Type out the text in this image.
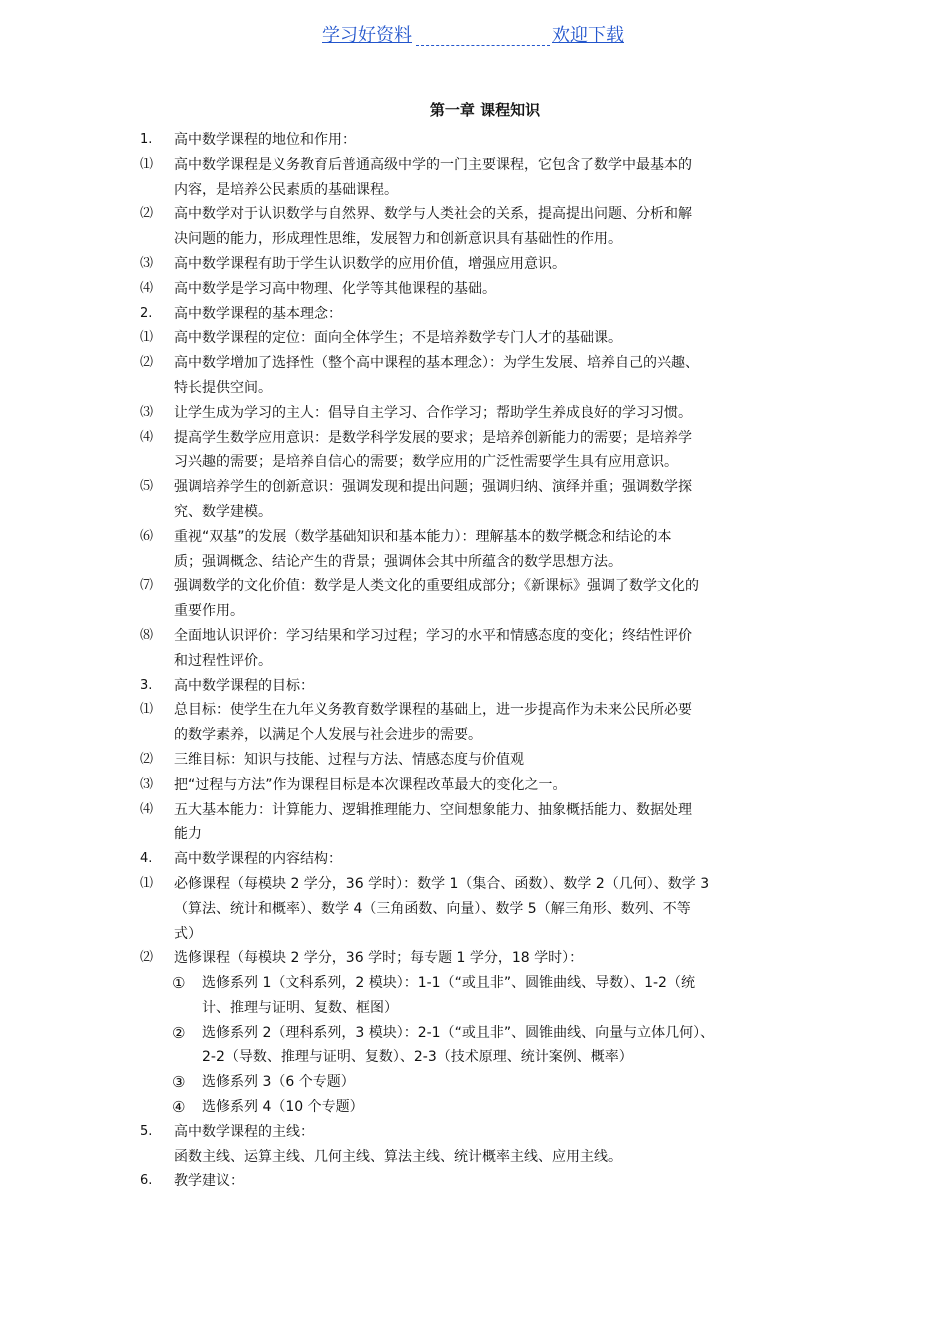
学习好资料	欢迎下载
第一章 课程知识
1.	高中数学课程的地位和作用：
⑴	高中数学课程是义务教育后普通高级中学的一门主要课程，它包含了数学中最基本的
内容，是培养公民素质的基础课程。
⑵	高中数学对于认识数学与自然界、数学与人类社会的关系，提高提出问题、分析和解
决问题的能力，形成理性思维，发展智力和创新意识具有基础性的作用。
⑶	高中数学课程有助于学生认识数学的应用价值，增强应用意识。
⑷	高中数学是学习高中物理、化学等其他课程的基础。
2.	高中数学课程的基本理念：
⑴	高中数学课程的定位：面向全体学生；不是培养数学专门人才的基础课。
⑵	高中数学增加了选择性（整个高中课程的基本理念）：为学生发展、培养自己的兴趣、
特长提供空间。
⑶	让学生成为学习的主人：倡导自主学习、合作学习；帮助学生养成良好的学习习惯。
⑷	提高学生数学应用意识：是数学科学发展的要求；是培养创新能力的需要；是培养学
习兴趣的需要；是培养自信心的需要；数学应用的广泛性需要学生具有应用意识。
⑸	强调培养学生的创新意识：强调发现和提出问题；强调归纳、演绎并重；强调数学探
究、数学建模。
⑹	重视“双基”的发展（数学基础知识和基本能力）：理解基本的数学概念和结论的本
质；强调概念、结论产生的背景；强调体会其中所蕴含的数学思想方法。
⑺	强调数学的文化价值：数学是人类文化的重要组成部分；《新课标》强调了数学文化的
重要作用。
⑻	全面地认识评价：学习结果和学习过程；学习的水平和情感态度的变化；终结性评价
和过程性评价。
3.	高中数学课程的目标：
⑴	总目标：使学生在九年义务教育数学课程的基础上，进一步提高作为未来公民所必要
的数学素养，以满足个人发展与社会进步的需要。
⑵	三维目标：知识与技能、过程与方法、情感态度与价值观
⑶	把“过程与方法”作为课程目标是本次课程改革最大的变化之一。
⑷	五大基本能力：计算能力、逻辑推理能力、空间想象能力、抽象概括能力、数据处理
能力
4.	高中数学课程的内容结构：
⑴	必修课程（每模块 2 学分，36 学时）：数学 1（集合、函数）、数学 2（几何）、数学 3
（算法、统计和概率）、数学 4（三角函数、向量）、数学 5（解三角形、数列、不等
式）
⑵	选修课程（每模块 2 学分，36 学时；每专题 1 学分，18 学时）：
①	选修系列 1（文科系列，2 模块）：1-1（“或且非”、圆锥曲线、导数）、1-2（统
计、推理与证明、复数、框图）
②	选修系列 2（理科系列，3 模块）：2-1（“或且非”、圆锥曲线、向量与立体几何）、
2-2（导数、推理与证明、复数）、2-3（技术原理、统计案例、概率）
③	选修系列 3（6 个专题）
④	选修系列 4（10 个专题）
5.	高中数学课程的主线：
函数主线、运算主线、几何主线、算法主线、统计概率主线、应用主线。
6.	教学建议：
